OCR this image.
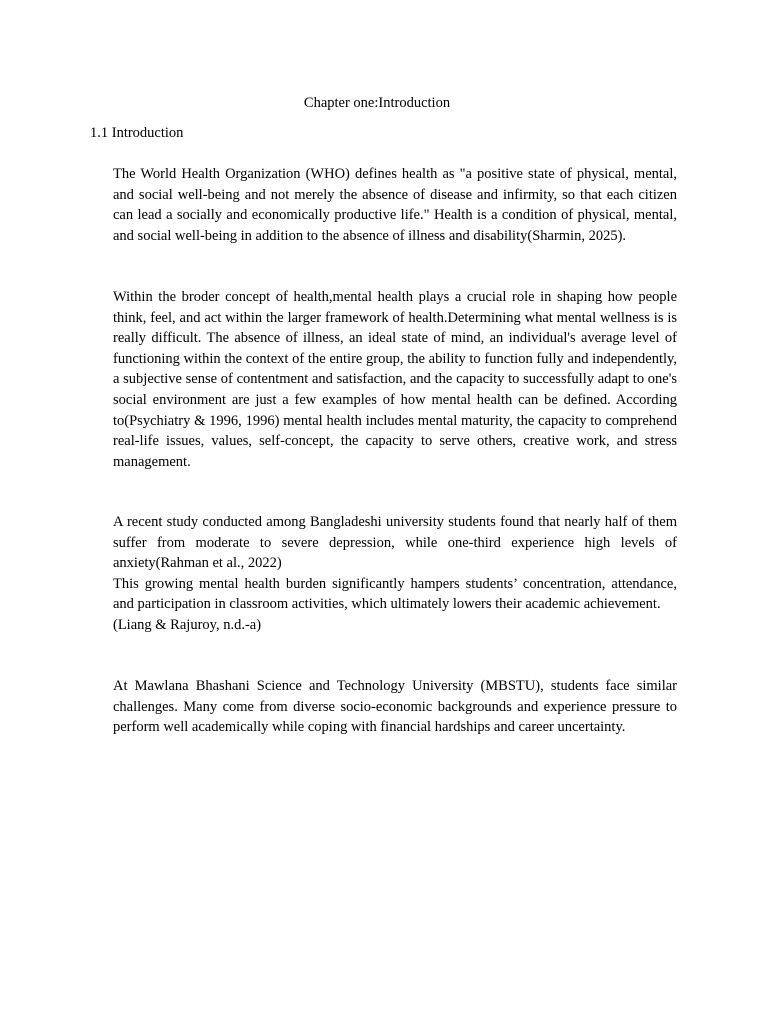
Chapter one:Introduction
1.1 Introduction

The World Health Organization (WHO) defines health as "a positive state of physical, mental, and social well-being and not merely the absence of disease and infirmity, so that each citizen can lead a socially and economically productive life." Health is a condition of physical, mental, and social well-being in addition to the absence of illness and disability(Sharmin, 2025).

Within the broder concept of health,mental health plays a crucial role in shaping how people think, feel, and act within the larger framework of health.Determining what mental wellness is is really difficult. The absence of illness, an ideal state of mind, an individual's average level of functioning within the context of the entire group, the ability to function fully and independently, a subjective sense of contentment and satisfaction, and the capacity to successfully adapt to one's social environment are just a few examples of how mental health can be defined. According to(Psychiatry & 1996, 1996) mental health includes mental maturity, the capacity to comprehend real-life issues, values, self-concept, the capacity to serve others, creative work, and stress management.

A recent study conducted among Bangladeshi university students found that nearly half of them suffer from moderate to severe depression, while one-third experience high levels of anxiety(Rahman et al., 2022)

This growing mental health burden significantly hampers students’ concentration, attendance, and participation in classroom activities, which ultimately lowers their academic achievement.

(Liang & Rajuroy, n.d.-a)

At Mawlana Bhashani Science and Technology University (MBSTU), students face similar challenges. Many come from diverse socio-economic backgrounds and experience pressure to perform well academically while coping with financial hardships and career uncertainty.
